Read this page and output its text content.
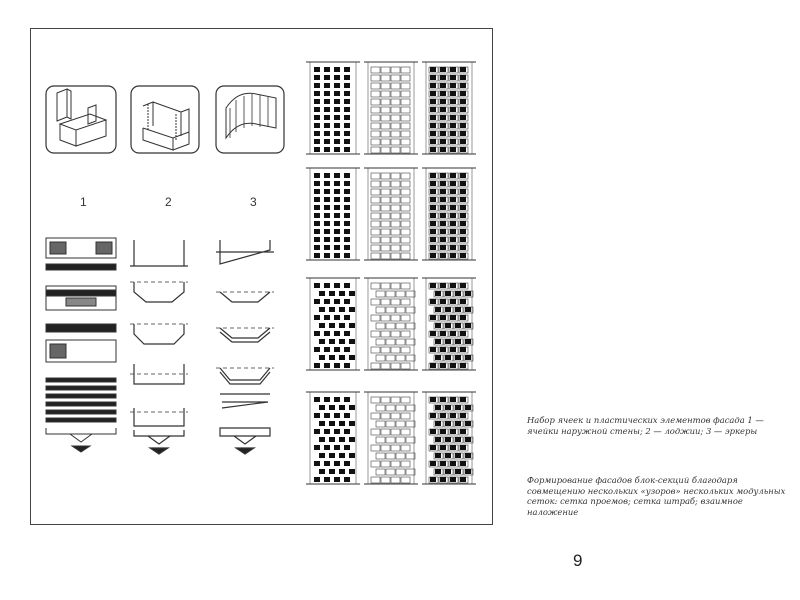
1	2	3
Набор ячеек и пластических элементов фасада 1 — ячейки наружной стены; 2 — лоджии; 3 — эркеры
Формирование фасадов блок-секций благодаря совмещению нескольких «узоров» нескольких модульных сеток: сетка проемов; сетка штраб; взаимное наложение
9
